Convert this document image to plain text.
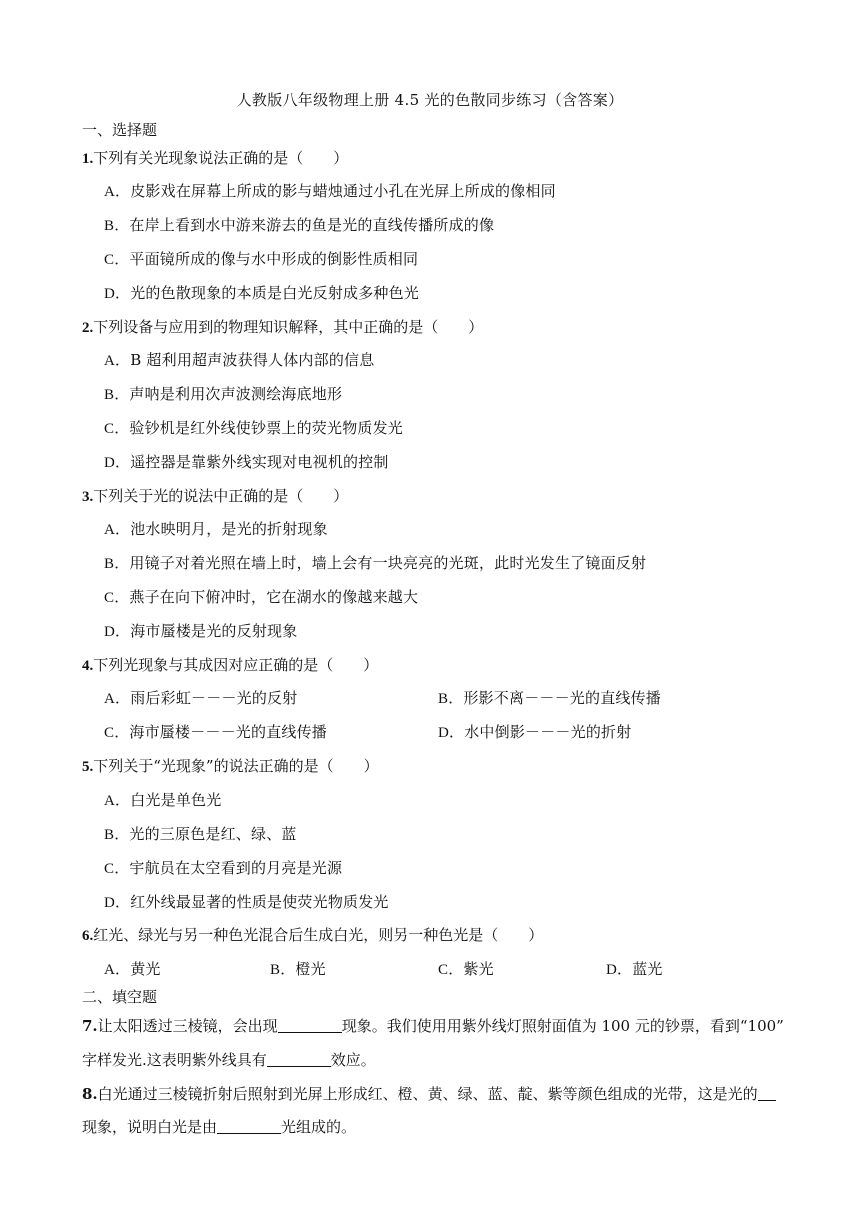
人教版八年级物理上册 4.5 光的色散同步练习（含答案）
一、选择题
1.下列有关光现象说法正确的是（　　）
A．皮影戏在屏幕上所成的影与蜡烛通过小孔在光屏上所成的像相同
B．在岸上看到水中游来游去的鱼是光的直线传播所成的像
C．平面镜所成的像与水中形成的倒影性质相同
D．光的色散现象的本质是白光反射成多种色光
2.下列设备与应用到的物理知识解释，其中正确的是（　　）
A．B 超利用超声波获得人体内部的信息
B．声呐是利用次声波测绘海底地形
C．验钞机是红外线使钞票上的荧光物质发光
D．遥控器是靠紫外线实现对电视机的控制
3.下列关于光的说法中正确的是（　　）
A．池水映明月，是光的折射现象
B．用镜子对着光照在墙上时，墙上会有一块亮亮的光斑，此时光发生了镜面反射
C．燕子在向下俯冲时，它在湖水的像越来越大
D．海市蜃楼是光的反射现象
4.下列光现象与其成因对应正确的是（　　）
A．雨后彩虹－－－光的反射	B．形影不离－－－光的直线传播
C．海市蜃楼－－－光的直线传播	D．水中倒影－－－光的折射
5.下列关于“光现象”的说法正确的是（　　）
A．白光是单色光
B．光的三原色是红、绿、蓝
C．宇航员在太空看到的月亮是光源
D．红外线最显著的性质是使荧光物质发光
6.红光、绿光与另一种色光混合后生成白光，则另一种色光是（　　）
A．黄光	B．橙光	C．紫光	D．蓝光
二、填空题
7.让太阳透过三棱镜，会出现	现象。我们使用用紫外线灯照射面值为 100 元的钞票，看到“100”
字样发光.这表明紫外线具有	效应。
8.白光通过三棱镜折射后照射到光屏上形成红、橙、黄、绿、蓝、靛、紫等颜色组成的光带，这是光的
现象，说明白光是由	光组成的。
